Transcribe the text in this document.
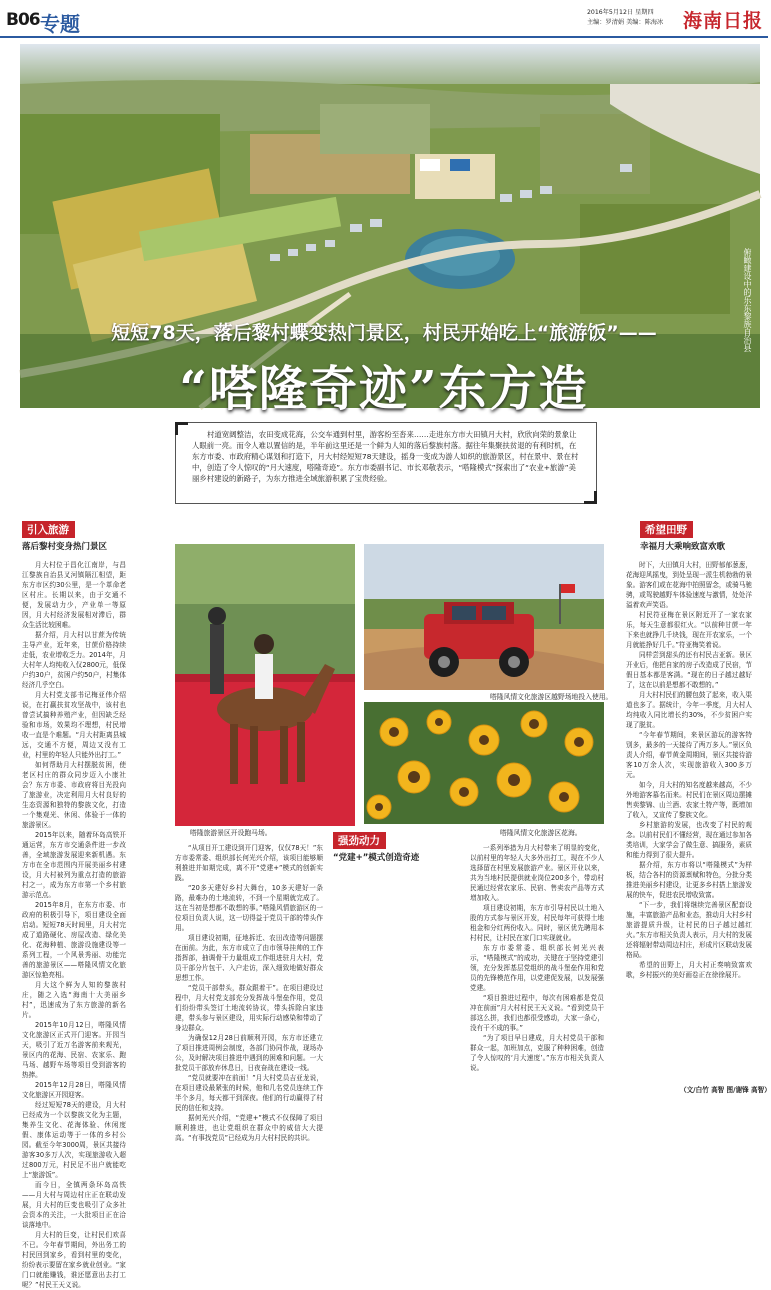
B06 专题	2016年5月12日 星期四
主编：罗清娟 美编：陈海冰 海南日报
俯瞰建设中的乐东黎族自治县
短短78天，落后黎村蝶变热门景区，村民开始吃上“旅游饭”——
“嗒隆奇迹”东方造

村道宽阔整洁，农田变成花海，公交车通到村里，游客纷至沓来……走进东方市大田镇月大村，欣欣向荣的景象让人眼前一亮。而令人难以置信的是，半年前这里还是一个鲜为人知的落后黎族村落。据往年集聚扶贫退的有利时机，在东方市委、市政府精心谋划和打造下，月大村经短短78天建设，摇身一变成为游人如织的旅游景区，村在景中、景在村中，创造了令人惊叹的“月大速度，嗒隆奇迹”。东方市委副书记、市长邓敬表示，“嗒隆模式”探索出了“农业+旅游”美丽乡村建设的新路子，为东方推进全域旅游积累了宝贵经验。

引入旅游
落后黎村变身热门景区
强劲动力
“党建+”模式创造奇迹
希望田野
幸福月大乘响致富欢歌

月大村位于昌化江南岸，与昌江黎族自治县叉河镇隔江相望，距东方市区约30公里，是一个革命老区村庄。长期以来，由于交通不便，发展动力少，产业单一等原因，月大村经济发展相对滞后，群众生活比较困难。

据介绍，月大村以甘蔗为传统主导产业，近年来，甘蔗价格持续走低，农业增收乏力。2014年，月大村年人均纯收入仅2800元，低保户约30户，贫困户约50户，村集体经济几乎空白。

月大村党支部书记梅亚伟介绍说，在打赢扶贫攻坚战中，该村也曾尝试搞种养殖产业，但因缺乏经验和市场，效果均不理想，村民增收一直是个难题。“月大村距离县城远，交通不方便，周边又没有工业，村里的年轻人只能外出打工。”

如何帮助月大村摆脱贫困，使老区村庄的群众同步迈入小康社会？东方市委、市政府将目光投向了旅游业，决定利用月大村良好的生态资源和独特的黎族文化，打造一个集观光、休闲、体验于一体的旅游景区。

2015年以来，随着环岛高铁开通运营，东方市交通条件进一步改善，全域旅游发展迎来新机遇。东方市在全市范围内开展美丽乡村建设，月大村被列为重点打造的旅游村之一，成为东方市第一个乡村旅游示范点。

2015年8月，在东方市委、市政府的积极引导下，项目建设全面启动。短短78天时间里，月大村完成了道路硬化、房屋改造、绿化美化、花海种植、旅游设施建设等一系列工程，一个风景秀丽、功能完善的旅游景区——嗒隆风情文化旅游区惊艳亮相。

月大这个鲜为人知的黎族村庄，随之入选“海南十大美丽乡村”，迅速成为了东方旅游的新名片。

2015年10月12日，嗒隆风情文化旅游区正式开门迎客。开园当天，吸引了近万名游客前来观光，景区内的花海、民宿、农家乐、跑马场、越野车场等项目受到游客的热捧。

2015年12月28日，嗒隆风情文化旅游区开园迎客。

经过短短78天的建设，月大村已经成为一个以黎族文化为主题，集养生文化、花海体验、休闲度假、康体运动等于一体的乡村公园。截至今年3000周，景区共接待游客30多万人次，实现旅游收入超过800万元，村民足不出户就能吃上“旅游饭”。

而今日，全镇两条环岛高铁——月大村与周边村庄正在联动发展，月大村的巨变也吸引了众多社会资本的关注，一大批项目正在洽谈落地中。

月大村的巨变，让村民们欢喜不已。今年春节期间，外出务工的村民回到家乡，看到村里的变化，纷纷表示要留在家乡就业创业。“家门口就能赚钱，谁还愿意出去打工呢？”村民王天义说。

嗒隆旅游景区开设跑马场。
嗒隆风情文化旅游区越野场地投入使用。
嗒隆风情文化旅游区花海。

“从项目开工建设到开门迎客，仅仅78天！”东方市委常委、组织部长何光兴介绍，该项目能够顺利推进并如期完成，离不开“党建+”模式的创新实践。

“20多天建好乡村大舞台，10多天建好一条路，最难办的土地流转，不到一个星期就完成了。这在当初是想都不敢想的事。”嗒隆风情旅游区的一位项目负责人说，这一切得益于党员干部的带头作用。

项目建设初期，征地拆迁、农田改造等问题摆在面前。为此，东方市成立了由市领导挂帅的工作指挥部，抽调骨干力量组成工作组进驻月大村，党员干部分片包干、入户走访，深入细致地做好群众思想工作。

“党员干部带头，群众跟着干”。在项目建设过程中，月大村党支部充分发挥战斗堡垒作用，党员们纷纷带头签订土地流转协议，带头拆除自家违建，带头参与景区建设，用实际行动感染和带动了身边群众。

为确保12月28日前顺利开园，东方市还建立了项目推进周例会制度，各部门协同作战，现场办公，及时解决项目推进中遇到的困难和问题。一大批党员干部放弃休息日，日夜奋战在建设一线。

“党员就要冲在前面！”月大村党员吉亚龙说，在项目建设最紧张的时候，他和几名党员连续工作半个多月，每天都干到深夜。他们的行动赢得了村民的信任和支持。

据何光兴介绍，“党建+”模式不仅保障了项目顺利推进，也让党组织在群众中的威信大大提高。“有事找党员”已经成为月大村村民的共识。

一系列举措为月大村带来了明显的变化，以前村里的年轻人大多外出打工，现在不少人选择留在村里发展旅游产业。景区开业以来，共为当地村民提供就业岗位200多个，带动村民通过经营农家乐、民宿、售卖农产品等方式增加收入。

项目建设初期，东方市引导村民以土地入股的方式参与景区开发，村民每年可获得土地租金和分红两份收入。同时，景区优先聘用本村村民，让村民在家门口实现就业。

东方市委常委、组织部长何光兴表示，“嗒隆模式”的成功，关键在于坚持党建引领，充分发挥基层党组织的战斗堡垒作用和党员的先锋模范作用，以党建促发展，以发展强党建。

“项目推进过程中，每次有困难都是党员冲在前面”月大村村民王天义说。“看到党员干部这么拼，我们也都很受感动，大家一条心，没有干不成的事。”

“为了项目早日建成，月大村党员干部和群众一起，加班加点，克服了种种困难，创造了令人惊叹的‘月大速度’。”东方市相关负责人说。

时下，大田镇月大村，田野郁郁葱葱，花海迎风摇曳，到处呈现一派生机勃勃的景象。游客们或在花海中拍照留念，或骑马驰骋，或驾驶越野车体验速度与激情，处处洋溢着欢声笑语。

村民符亚梅在景区附近开了一家农家乐，每天生意都很红火。“以前种甘蔗一年下来也就挣几千块钱，现在开农家乐，一个月就能挣好几千。”符亚梅笑着说。

同样尝到甜头的还有村民吉亚新。景区开业后，他把自家的房子改造成了民宿，节假日基本都是客满。“现在的日子越过越好了，这在以前是想都不敢想的。”

月大村村民们的腰包鼓了起来，收入渠道也多了。据统计，今年一季度，月大村人均纯收入同比增长约30%，不少贫困户实现了脱贫。

“今年春节期间，来景区游玩的游客特别多，最多的一天接待了两万多人。”景区负责人介绍，春节黄金周期间，景区共接待游客10万余人次，实现旅游收入300多万元。

如今，月大村的知名度越来越高，不少外地游客慕名而来。村民们在景区周边摆摊售卖黎锦、山兰酒、农家土特产等，既增加了收入，又宣传了黎族文化。

乡村旅游的发展，也改变了村民的观念。以前村民们不懂经营，现在通过参加各类培训，大家学会了做生意、搞服务，素质和能力得到了很大提升。

据介绍，东方市将以“嗒隆模式”为样板，结合各村的资源禀赋和特色，分批分类推进美丽乡村建设，让更多乡村搭上旅游发展的快车，促进农民增收致富。

“下一步，我们将继续完善景区配套设施，丰富旅游产品和业态，推动月大村乡村旅游提质升级，让村民的日子越过越红火。”东方市相关负责人表示，月大村的发展还将辐射带动周边村庄，形成片区联动发展格局。

希望的田野上，月大村正奏响致富欢歌，乡村振兴的美好画卷正在徐徐展开。

（文/白竹 高智 图/谢锋 高智）
